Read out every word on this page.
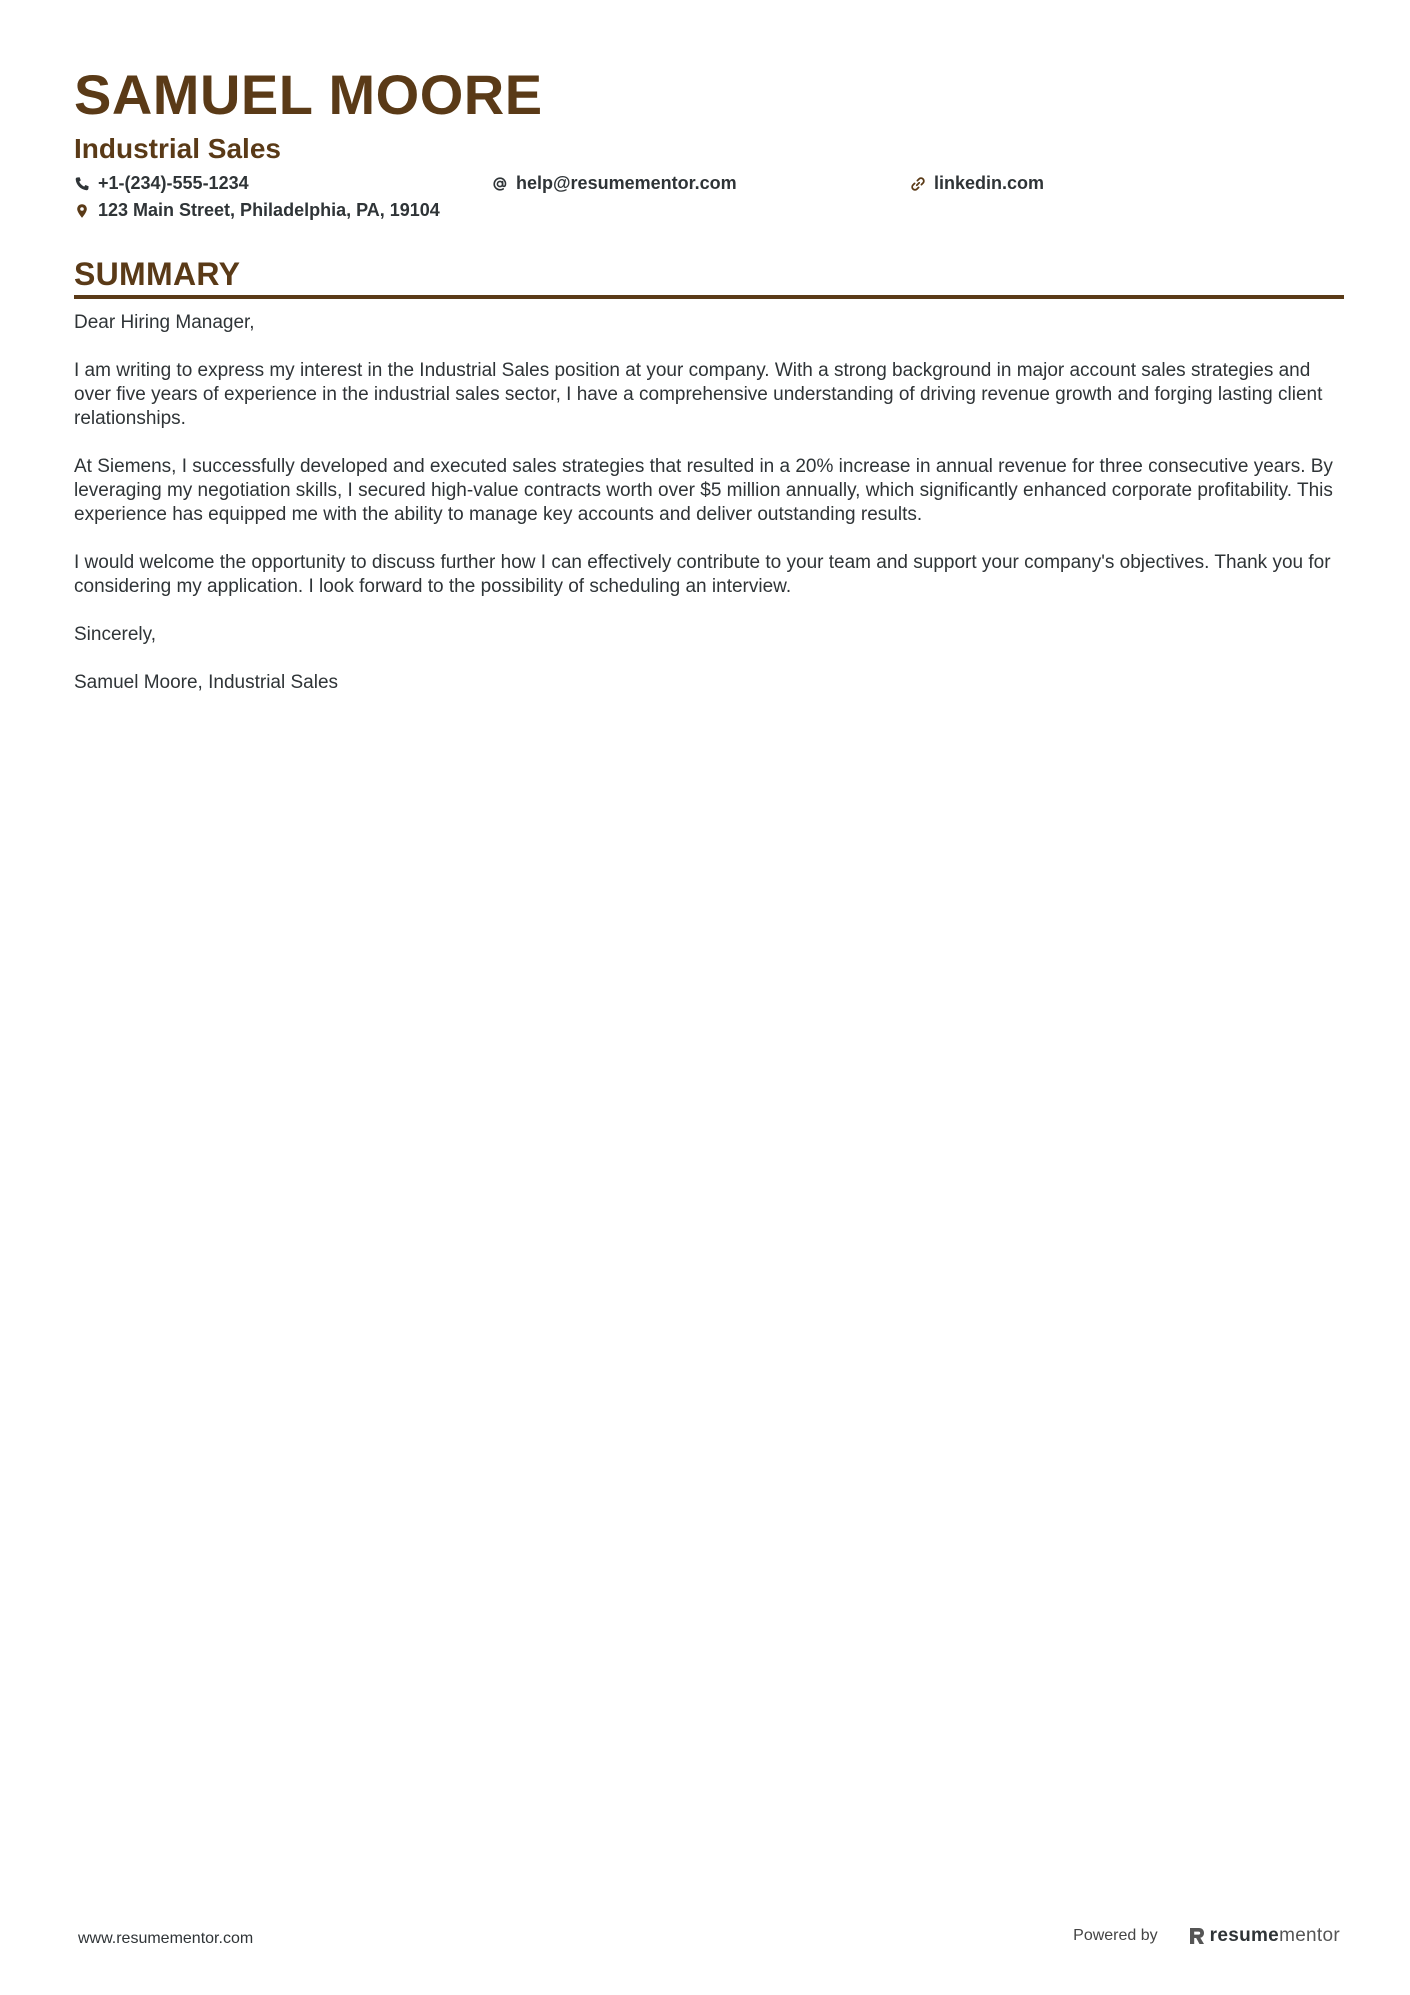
SAMUEL MOORE
Industrial Sales
+1-(234)-555-1234	help@resumementor.com	linkedin.com
123 Main Street, Philadelphia, PA, 19104
SUMMARY

Dear Hiring Manager,

I am writing to express my interest in the Industrial Sales position at your company. With a strong background in major account sales strategies and over five years of experience in the industrial sales sector, I have a comprehensive understanding of driving revenue growth and forging lasting client relationships.

At Siemens, I successfully developed and executed sales strategies that resulted in a 20% increase in annual revenue for three consecutive years. By leveraging my negotiation skills, I secured high-value contracts worth over $5 million annually, which significantly enhanced corporate profitability. This experience has equipped me with the ability to manage key accounts and deliver outstanding results.

I would welcome the opportunity to discuss further how I can effectively contribute to your team and support your company's objectives. Thank you for considering my application. I look forward to the possibility of scheduling an interview.

Sincerely,

Samuel Moore, Industrial Sales

www.resumementor.com	Powered by	resume mentor
